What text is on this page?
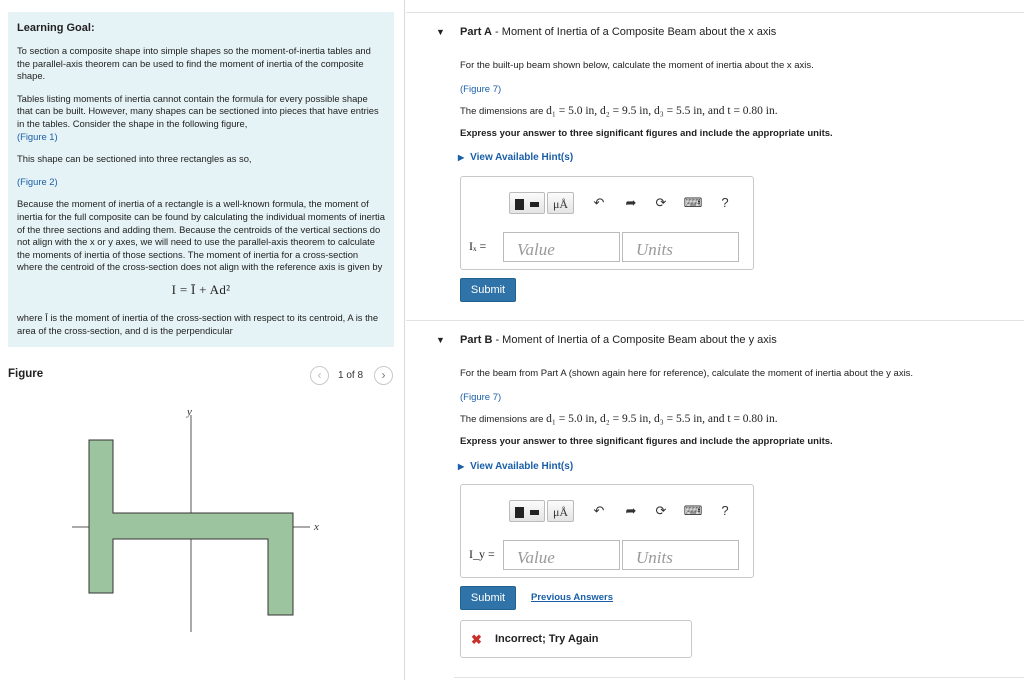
Learning Goal:

To section a composite shape into simple shapes so the moment-of-inertia tables and the parallel-axis theorem can be used to find the moment of inertia of the composite shape.

Tables listing moments of inertia cannot contain the formula for every possible shape that can be built. However, many shapes can be sectioned into pieces that have entries in the tables. Consider the shape in the following figure,
(Figure 1)

This shape can be sectioned into three rectangles as so,

(Figure 2)

Because the moment of inertia of a rectangle is a well-known formula, the moment of inertia for the full composite can be found by calculating the individual moments of inertia of the three sections and adding them. Because the centroids of the vertical sections do not align with the x or y axes, we will need to use the parallel-axis theorem to calculate the moments of inertia of those sections. The moment of inertia for a cross-section where the centroid of the cross-section does not align with the reference axis is given by

I = Ī + Ad²

where Ī is the moment of inertia of the cross-section with respect to its centroid, A is the area of the cross-section, and d is the perpendicular

Figure	‹	1 of 8	›
y
x
▼ Part A - Moment of Inertia of a Composite Beam about the x axis
For the built-up beam shown below, calculate the moment of inertia about the x axis.
(Figure 7)
The dimensions are d₁ = 5.0 in, d₂ = 9.5 in, d₃ = 5.5 in, and t = 0.80 in.
Express your answer to three significant figures and include the appropriate units.
▶ View Available Hint(s)

μÅ	↶	➦	⟳	⌨	?
Iₓ =
Value
Units
Submit
▼ Part B - Moment of Inertia of a Composite Beam about the y axis
For the beam from Part A (shown again here for reference), calculate the moment of inertia about the y axis.
(Figure 7)
The dimensions are d₁ = 5.0 in, d₂ = 9.5 in, d₃ = 5.5 in, and t = 0.80 in.
Express your answer to three significant figures and include the appropriate units.
▶ View Available Hint(s)

μÅ	↶	➦	⟳	⌨	?
I_y =
Value
Units
Submit	Previous Answers
✖ Incorrect; Try Again
